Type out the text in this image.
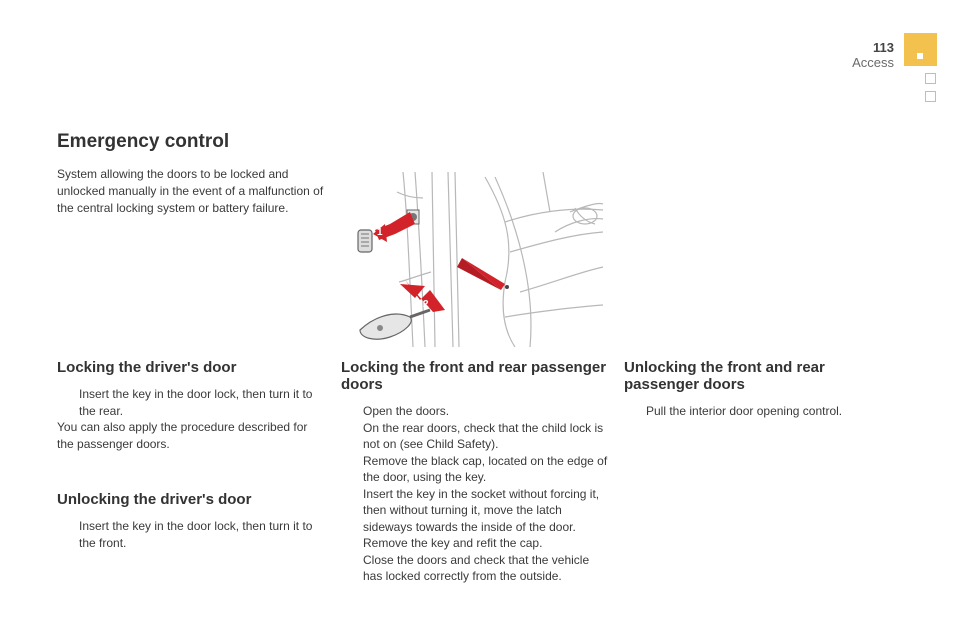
113
Access
Emergency control

System allowing the doors to be locked and unlocked manually in the event of a malfunction of the central locking system or battery failure.

1
2
Locking the driver's door
Insert the key in the door lock, then turn it to the rear.

You can also apply the procedure described for the passenger doors.

Unlocking the driver's door
Insert the key in the door lock, then turn it to the front.
Locking the front and rear passenger doors
Open the doors.
On the rear doors, check that the child lock is not on (see Child Safety).
Remove the black cap, located on the edge of the door, using the key.
Insert the key in the socket without forcing it, then without turning it, move the latch sideways towards the inside of the door.
Remove the key and refit the cap.
Close the doors and check that the vehicle has locked correctly from the outside.
Unlocking the front and rear passenger doors
Pull the interior door opening control.
